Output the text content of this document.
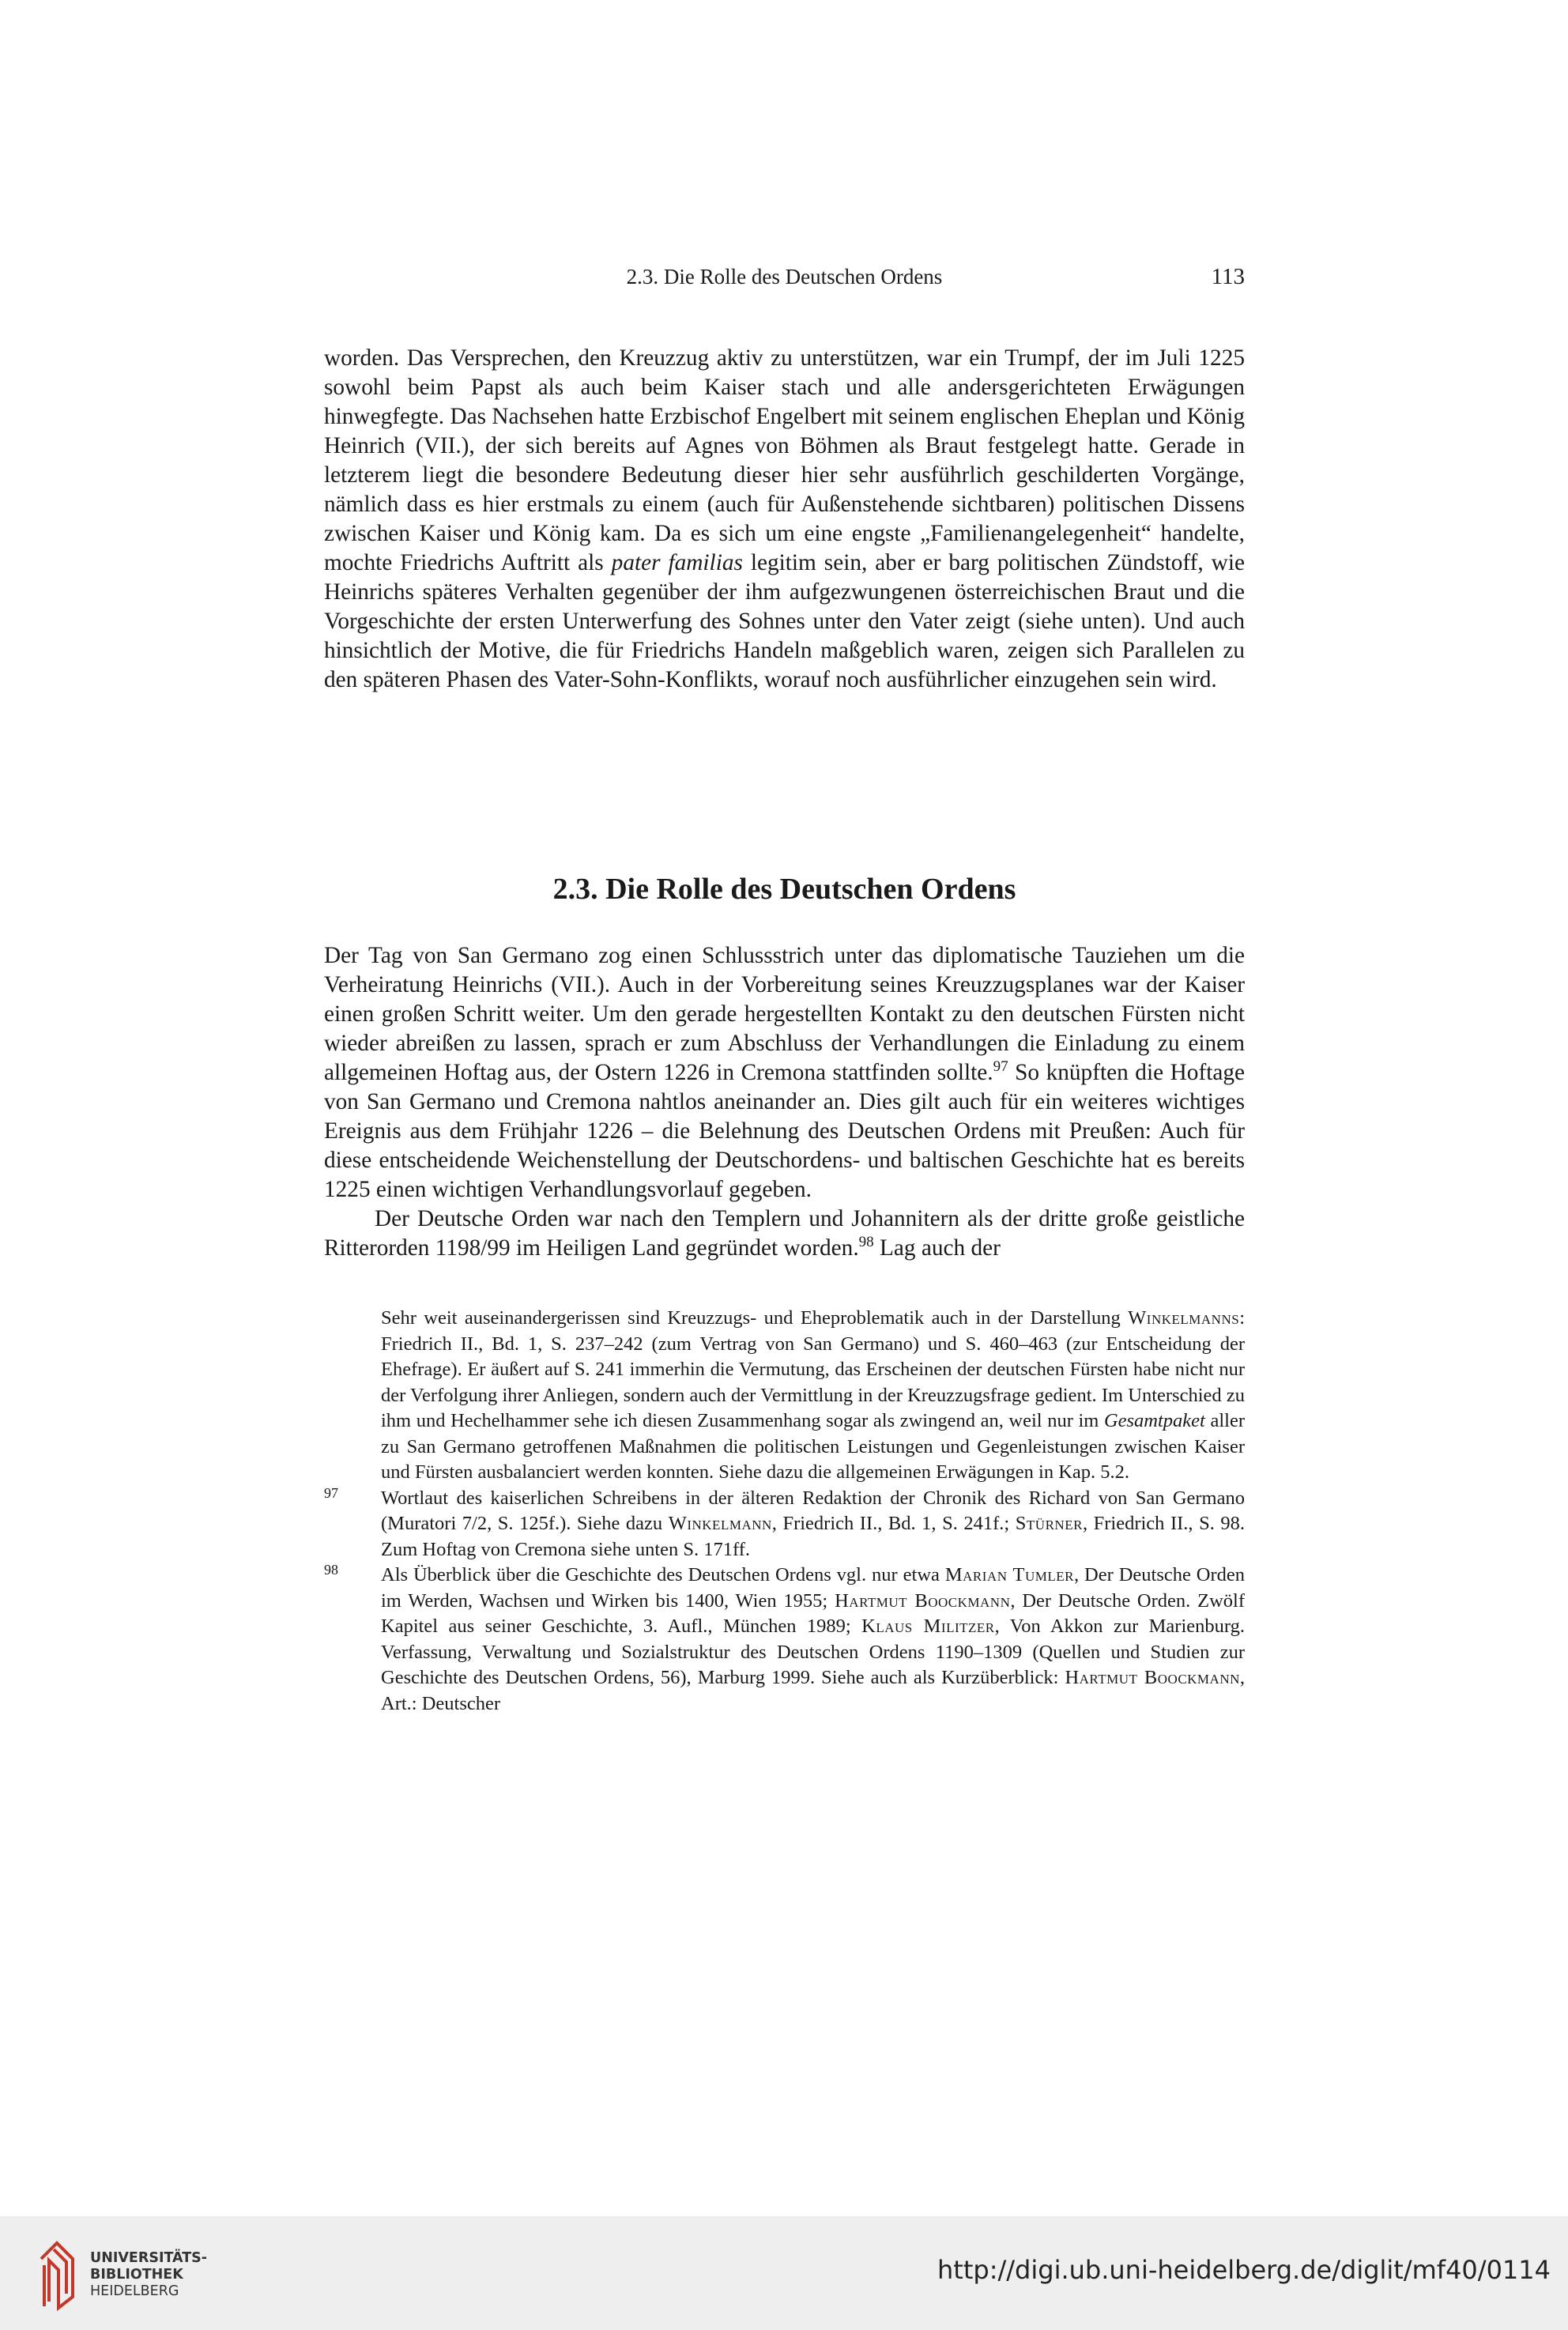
2.3. Die Rolle des Deutschen Ordens	113

worden. Das Versprechen, den Kreuzzug aktiv zu unterstützen, war ein Trumpf, der im Juli 1225 sowohl beim Papst als auch beim Kaiser stach und alle andersgerichteten Erwägungen hinwegfegte. Das Nachsehen hatte Erzbischof Engelbert mit seinem englischen Eheplan und König Heinrich (VII.), der sich bereits auf Agnes von Böhmen als Braut festgelegt hatte. Gerade in letzterem liegt die besondere Bedeutung dieser hier sehr ausführlich geschilderten Vorgänge, nämlich dass es hier erstmals zu einem (auch für Außenstehende sichtbaren) politischen Dissens zwischen Kaiser und König kam. Da es sich um eine engste „Familienangelegenheit“ handelte, mochte Friedrichs Auftritt als pater familias legitim sein, aber er barg politischen Zündstoff, wie Heinrichs späteres Verhalten gegenüber der ihm aufgezwungenen österreichischen Braut und die Vorgeschichte der ersten Unterwerfung des Sohnes unter den Vater zeigt (siehe unten). Und auch hinsichtlich der Motive, die für Friedrichs Handeln maßgeblich waren, zeigen sich Parallelen zu den späteren Phasen des Vater-Sohn-Konflikts, worauf noch ausführlicher einzugehen sein wird.

2.3. Die Rolle des Deutschen Ordens

Der Tag von San Germano zog einen Schlussstrich unter das diplomatische Tauziehen um die Verheiratung Heinrichs (VII.). Auch in der Vorbereitung seines Kreuzzugsplanes war der Kaiser einen großen Schritt weiter. Um den gerade hergestellten Kontakt zu den deutschen Fürsten nicht wieder abreißen zu lassen, sprach er zum Abschluss der Verhandlungen die Einladung zu einem allgemeinen Hoftag aus, der Ostern 1226 in Cremona stattfinden sollte.$^{97}$ So knüpften die Hoftage von San Germano und Cremona nahtlos aneinander an. Dies gilt auch für ein weiteres wichtiges Ereignis aus dem Frühjahr 1226 – die Belehnung des Deutschen Ordens mit Preußen: Auch für diese entscheidende Weichenstellung der Deutschordens- und baltischen Geschichte hat es bereits 1225 einen wichtigen Verhandlungsvorlauf gegeben.

Der Deutsche Orden war nach den Templern und Johannitern als der dritte große geistliche Ritterorden 1198/99 im Heiligen Land gegründet worden.$^{98}$ Lag auch der

Sehr weit auseinandergerissen sind Kreuzzugs- und Eheproblematik auch in der Darstellung Winkelmanns: Friedrich II., Bd. 1, S. 237–242 (zum Vertrag von San Germano) und S. 460–463 (zur Entscheidung der Ehefrage). Er äußert auf S. 241 immerhin die Vermutung, das Erscheinen der deutschen Fürsten habe nicht nur der Verfolgung ihrer Anliegen, sondern auch der Vermittlung in der Kreuzzugsfrage gedient. Im Unterschied zu ihm und Hechelhammer sehe ich diesen Zusammenhang sogar als zwingend an, weil nur im Gesamtpaket aller zu San Germano getroffenen Maßnahmen die politischen Leistungen und Gegenleistungen zwischen Kaiser und Fürsten ausbalanciert werden konnten. Siehe dazu die allgemeinen Erwägungen in Kap. 5.2.

97 Wortlaut des kaiserlichen Schreibens in der älteren Redaktion der Chronik des Richard von San Germano (Muratori 7/2, S. 125f.). Siehe dazu Winkelmann, Friedrich II., Bd. 1, S. 241f.; Stürner, Friedrich II., S. 98. Zum Hoftag von Cremona siehe unten S. 171ff.

98 Als Überblick über die Geschichte des Deutschen Ordens vgl. nur etwa Marian Tumler, Der Deutsche Orden im Werden, Wachsen und Wirken bis 1400, Wien 1955; Hartmut Boockmann, Der Deutsche Orden. Zwölf Kapitel aus seiner Geschichte, 3. Aufl., München 1989; Klaus Militzer, Von Akkon zur Marienburg. Verfassung, Verwaltung und Sozialstruktur des Deutschen Ordens 1190–1309 (Quellen und Studien zur Geschichte des Deutschen Ordens, 56), Marburg 1999. Siehe auch als Kurzüberblick: Hartmut Boockmann, Art.: Deutscher

UNIVERSITÄTS-
BIBLIOTHEK
HEIDELBERG
http://digi.ub.uni-heidelberg.de/diglit/mf40/0114
